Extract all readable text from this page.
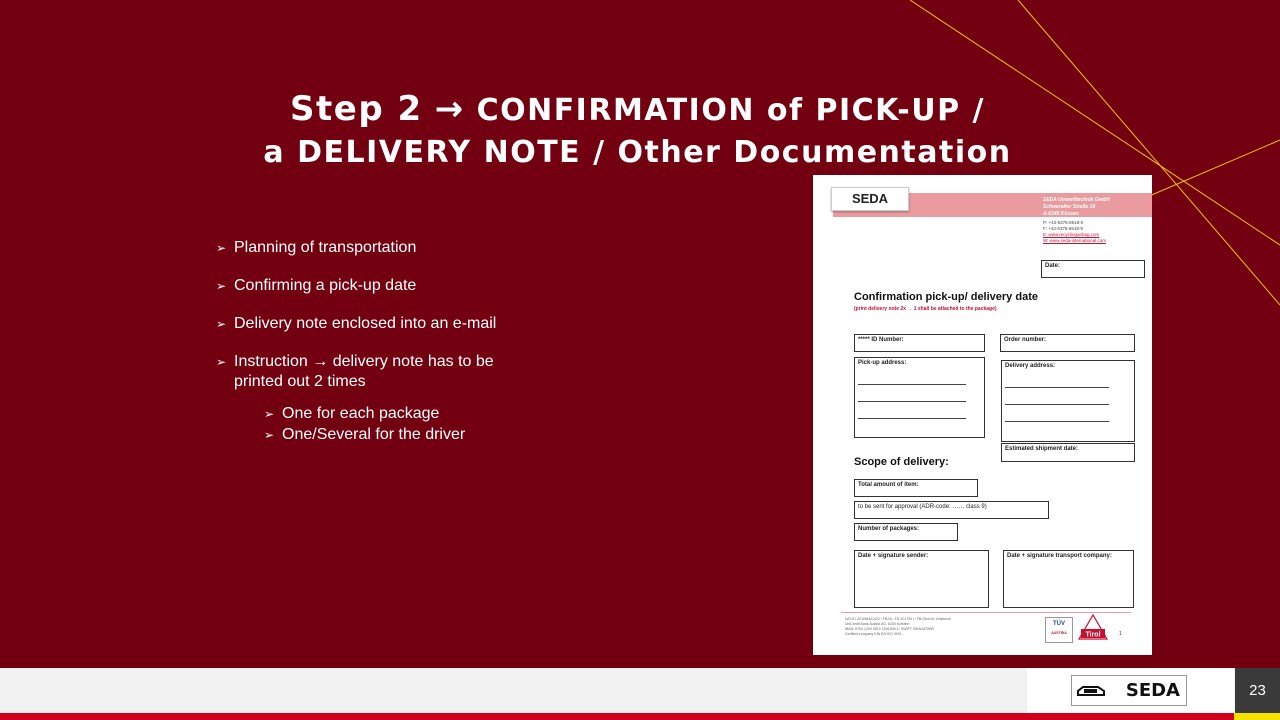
Step 2 → CONFIRMATION of PICK-UP /
a DELIVERY NOTE / Other Documentation
➢ Planning of transportation
➢ Confirming a pick-up date
➢ Delivery note enclosed into an e-mail
➢ Instruction → delivery note has to be printed out 2 times
➢ One for each package
➢ One/Several for the driver
SEDA	SEDA Umwelttechnik GmbH
Schwendter Straße 10
A-6345 Kössen
P: +43-5375-6518-0
F: +43-5375-6518-9
E: www.recyclingairbag.com
W: www.seda-international.com
Date:
Confirmation pick-up/ delivery date
(print delivery note 2x → 1 shall be attached to the package)
***** ID Number:	Order number:
Pick-up address:	Delivery address:
Estimated shipment date:
Scope of delivery:
Total amount of item:
to be sent for approval (ADR-code: …… class 9)
Number of packages:
Date + signature sender:	Date + signature transport company:
VAT-ID: ATU56421422 / FB-Nr.: FN 201790 i / FB-Gericht: Innsbruck
UniCredit Bank Austria AG, 6330 Kufstein
IBAN: AT54 1200 0513 1206 8001 / SWIFT: BKAUATWW
Certified company DIN EN ISO 9001
TÜV
AUSTRIA	Tirol	1
SEDA	23
